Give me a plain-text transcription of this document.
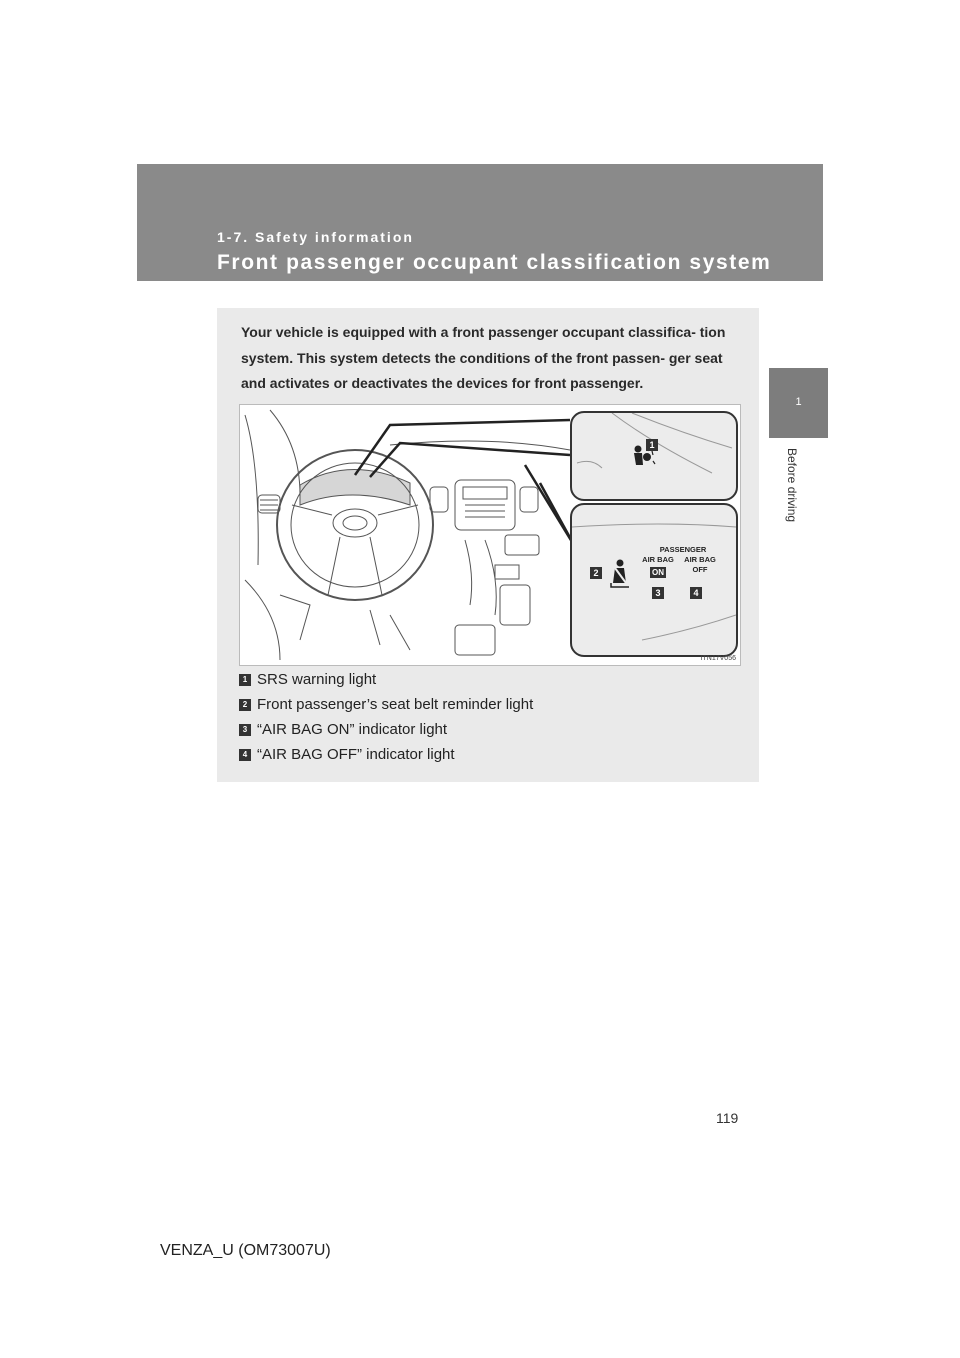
1-7. Safety information
Front passenger occupant classification system
1
Before driving
Your vehicle is equipped with a front passenger occupant classifica- tion system. This system detects the conditions of the front passen- ger seat and activates or deactivates the devices for front passenger.
1
2
PASSENGER
AIR BAG
ON
AIR BAG
OFF
3	4
ITN17V056
1 SRS warning light
2 Front passenger’s seat belt reminder light
3 “AIR BAG ON” indicator light
4 “AIR BAG OFF” indicator light
119
VENZA_U (OM73007U)
